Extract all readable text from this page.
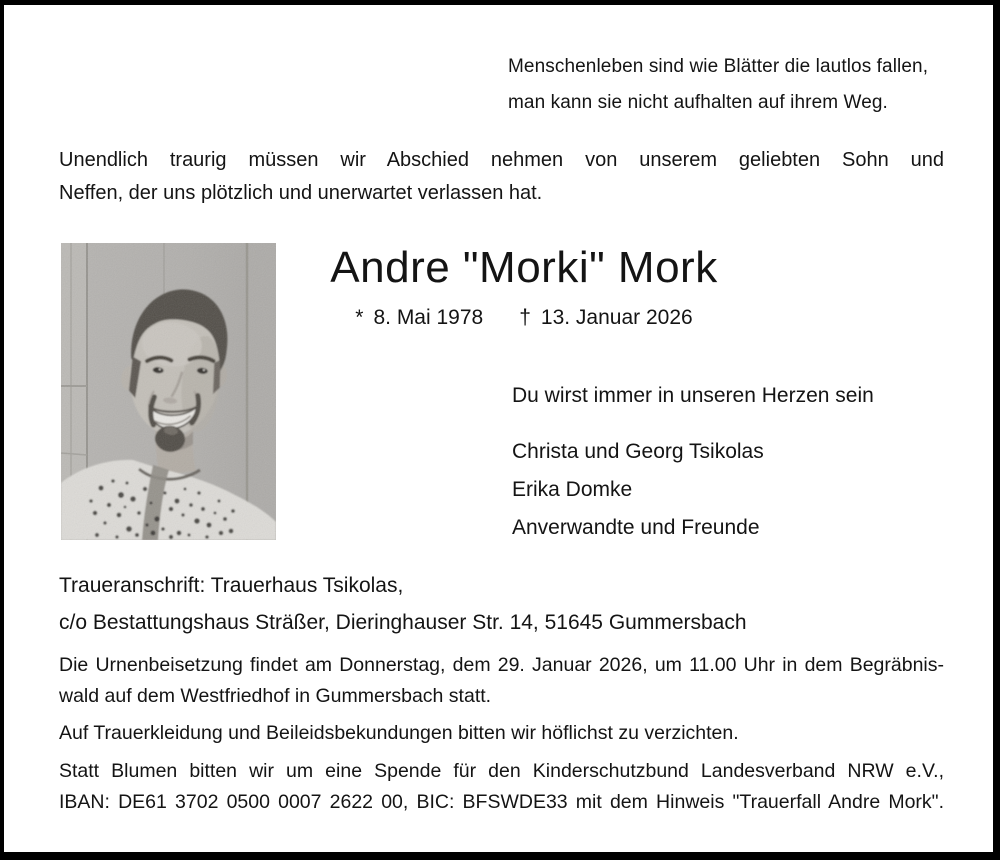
Menschenleben sind wie Blätter die lautlos fallen,
man kann sie nicht aufhalten auf ihrem Weg.
Unendlich traurig müssen wir Abschied nehmen von unserem geliebten Sohn und
Neffen, der uns plötzlich und unerwartet verlassen hat.
Andre "Morki" Mork
* 8. Mai 1978 † 13. Januar 2026
Du wirst immer in unseren Herzen sein
Christa und Georg Tsikolas
Erika Domke
Anverwandte und Freunde
Traueranschrift: Trauerhaus Tsikolas,
c/o Bestattungshaus Sträßer, Dieringhauser Str. 14, 51645 Gummersbach
Die Urnenbeisetzung findet am Donnerstag, dem 29. Januar 2026, um 11.00 Uhr in dem Begräbnis-
wald auf dem Westfriedhof in Gummersbach statt.
Auf Trauerkleidung und Beileidsbekundungen bitten wir höflichst zu verzichten.
Statt Blumen bitten wir um eine Spende für den Kinderschutzbund Landesverband NRW e.V.,
IBAN: DE61 3702 0500 0007 2622 00, BIC: BFSWDE33 mit dem Hinweis "Trauerfall Andre Mork".
